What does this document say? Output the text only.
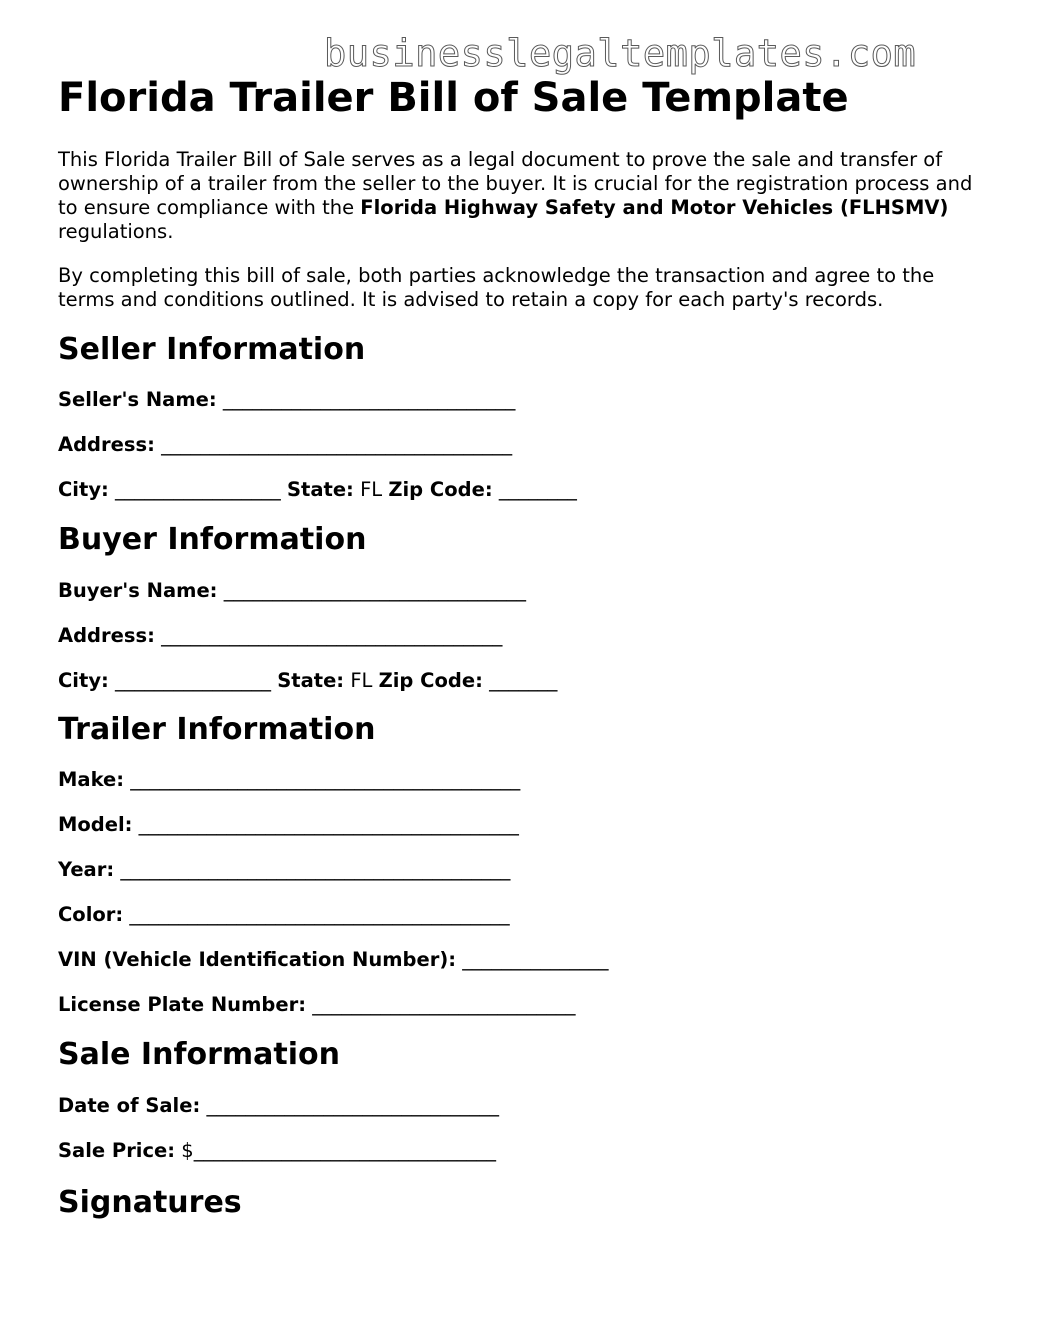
businesslegaltemplates.com
Florida Trailer Bill of Sale Template

This Florida Trailer Bill of Sale serves as a legal document to prove the sale and transfer of ownership of a trailer from the seller to the buyer. It is crucial for the registration process and to ensure compliance with the Florida Highway Safety and Motor Vehicles (FLHSMV) regulations.

By completing this bill of sale, both parties acknowledge the transaction and agree to the terms and conditions outlined. It is advised to retain a copy for each party's records.

Seller Information
Seller's Name: ______________________________
Address: ____________________________________
City: _________________ State: FL Zip Code: ________
Buyer Information
Buyer's Name: _______________________________
Address: ___________________________________
City: ________________ State: FL Zip Code: _______
Trailer Information
Make: ________________________________________
Model: _______________________________________
Year: ________________________________________
Color: _______________________________________
VIN (Vehicle Identification Number): _______________
License Plate Number: ___________________________
Sale Information
Date of Sale: ______________________________
Sale Price: $_______________________________
Signatures
